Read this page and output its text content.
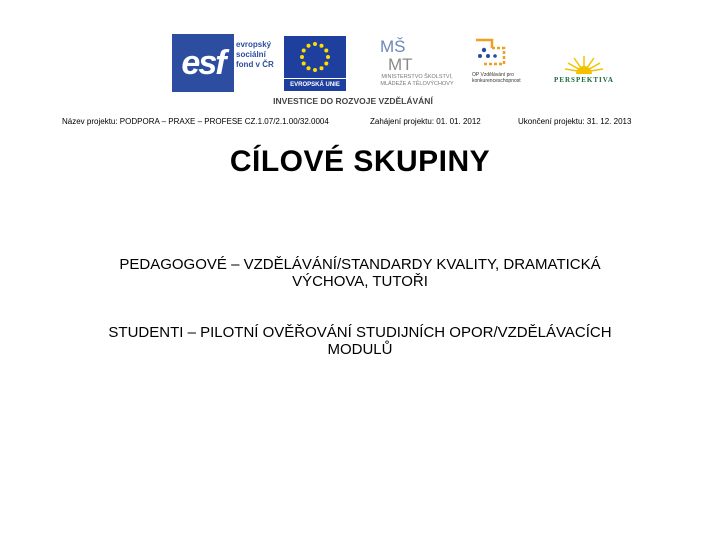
esf	evropský sociální fond v ČR
EVROPSKÁ UNIE
MŠ
MT
MINISTERSTVO ŠKOLSTVÍ, MLÁDEŽE A TĚLOVÝCHOVY
OP Vzdělávání pro konkurenceschopnost	PERSPEKTIVA
INVESTICE DO ROZVOJE VZDĚLÁVÁNÍ
Název projektu: PODPORA – PRAXE – PROFESE CZ.1.07/2.1.00/32.0004	Zahájení projektu: 01. 01. 2012	Ukončení projektu: 31. 12. 2013
CÍLOVÉ SKUPINY
PEDAGOGOVÉ – VZDĚLÁVÁNÍ/STANDARDY KVALITY, DRAMATICKÁ VÝCHOVA, TUTOŘI
STUDENTI – PILOTNÍ OVĚŘOVÁNÍ STUDIJNÍCH OPOR/VZDĚLÁVACÍCH MODULŮ
